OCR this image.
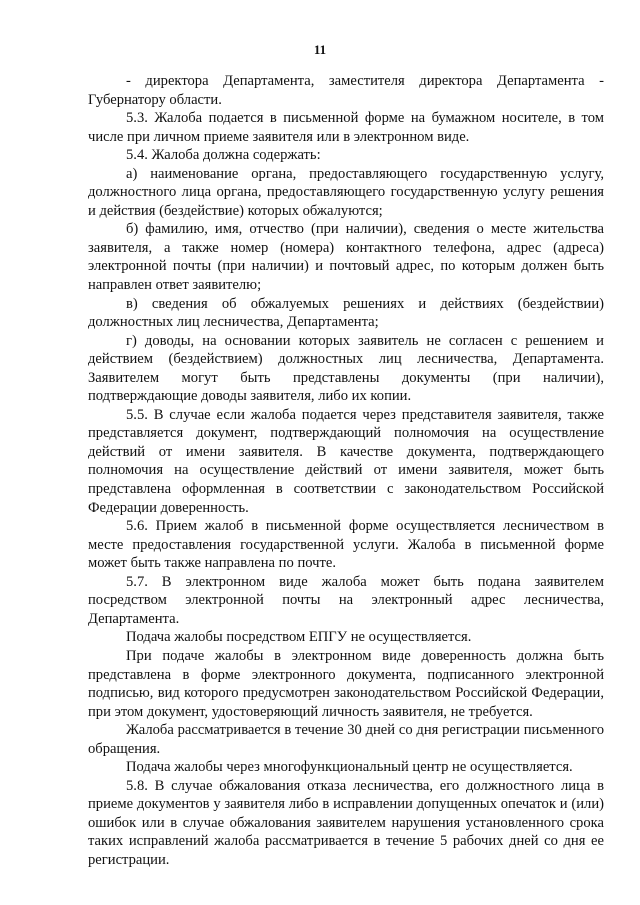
11

- директора Департамента, заместителя директора Департамента - Губернатору области.

5.3. Жалоба подается в письменной форме на бумажном носителе, в том числе при личном приеме заявителя или в электронном виде.

5.4. Жалоба должна содержать:

а) наименование органа, предоставляющего государственную услугу, должностного лица органа, предоставляющего государственную услугу решения и действия (бездействие) которых обжалуются;

б) фамилию, имя, отчество (при наличии), сведения о месте жительства заявителя, а также номер (номера) контактного телефона, адрес (адреса) электронной почты (при наличии) и почтовый адрес, по которым должен быть направлен ответ заявителю;

в) сведения об обжалуемых решениях и действиях (бездействии) должностных лиц лесничества, Департамента;

г) доводы, на основании которых заявитель не согласен с решением и действием (бездействием) должностных лиц лесничества, Департамента. Заявителем могут быть представлены документы (при наличии), подтверждающие доводы заявителя, либо их копии.

5.5. В случае если жалоба подается через представителя заявителя, также представляется документ, подтверждающий полномочия на осуществление действий от имени заявителя. В качестве документа, подтверждающего полномочия на осуществление действий от имени заявителя, может быть представлена оформленная в соответствии с законодательством Российской Федерации доверенность.

5.6. Прием жалоб в письменной форме осуществляется лесничеством в месте предоставления государственной услуги. Жалоба в письменной форме может быть также направлена по почте.

5.7. В электронном виде жалоба может быть подана заявителем посредством электронной почты на электронный адрес лесничества, Департамента.

Подача жалобы посредством ЕПГУ не осуществляется.

При подаче жалобы в электронном виде доверенность должна быть представлена в форме электронного документа, подписанного электронной подписью, вид которого предусмотрен законодательством Российской Федерации, при этом документ, удостоверяющий личность заявителя, не требуется.

Жалоба рассматривается в течение 30 дней со дня регистрации письменного обращения.

Подача жалобы через многофункциональный центр не осуществляется.

5.8. В случае обжалования отказа лесничества, его должностного лица в приеме документов у заявителя либо в исправлении допущенных опечаток и (или) ошибок или в случае обжалования заявителем нарушения установленного срока таких исправлений жалоба рассматривается в течение 5 рабочих дней со дня ее регистрации.
